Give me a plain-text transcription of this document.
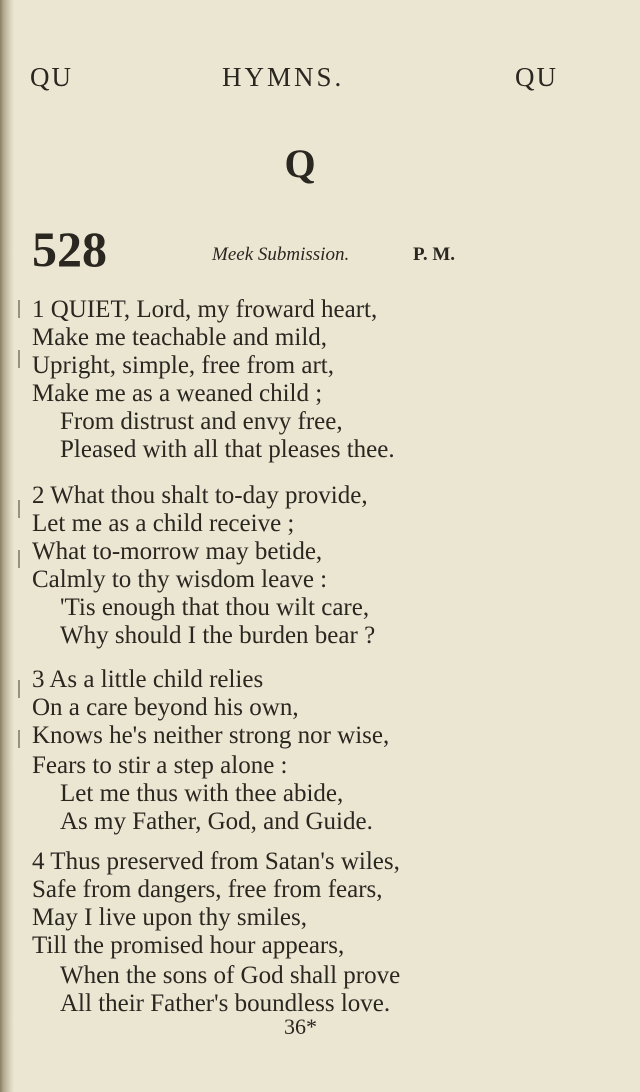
QU	HYMNS.	QU
Q
528	Meek Submission.	P. M.
1 QUIET, Lord, my froward heart,
Make me teachable and mild,
Upright, simple, free from art,
Make me as a weaned child ;
From distrust and envy free,
Pleased with all that pleases thee.
2 What thou shalt to-day provide,
Let me as a child receive ;
What to-morrow may betide,
Calmly to thy wisdom leave :
'Tis enough that thou wilt care,
Why should I the burden bear ?
3 As a little child relies
On a care beyond his own,
Knows he's neither strong nor wise,
Fears to stir a step alone :
Let me thus with thee abide,
As my Father, God, and Guide.
4 Thus preserved from Satan's wiles,
Safe from dangers, free from fears,
May I live upon thy smiles,
Till the promised hour appears,
When the sons of God shall prove
All their Father's boundless love.
36*
